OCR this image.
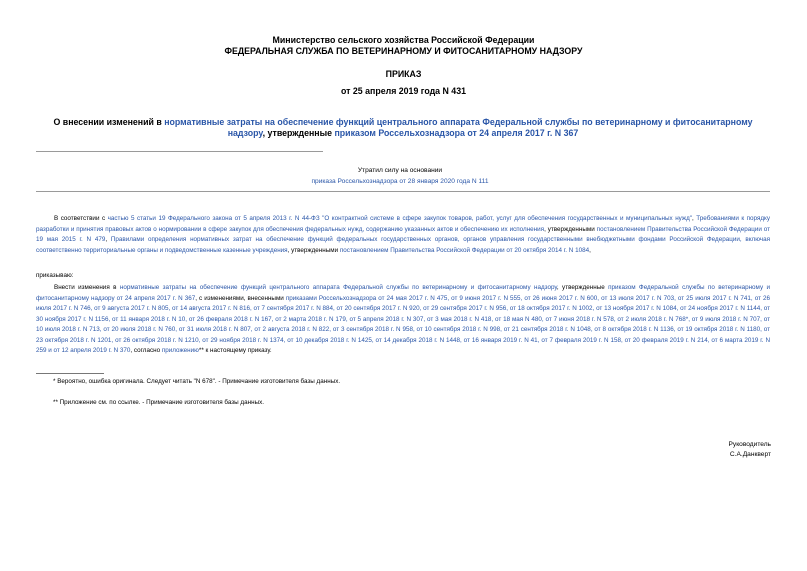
Министерство сельского хозяйства Российской Федерации
ФЕДЕРАЛЬНАЯ СЛУЖБА ПО ВЕТЕРИНАРНОМУ И ФИТОСАНИТАРНОМУ НАДЗОРУ
ПРИКАЗ
от 25 апреля 2019 года N 431
О внесении изменений в нормативные затраты на обеспечение функций центрального аппарата Федеральной службы по ветеринарному и фитосанитарному надзору, утвержденные приказом Россельхознадзора от 24 апреля 2017 г. N 367
Утратил силу на основании
приказа Россельхознадзора от 28 января 2020 года N 111
В соответствии с частью 5 статьи 19 Федерального закона от 5 апреля 2013 г. N 44-ФЗ "О контрактной системе в сфере закупок товаров, работ, услуг для обеспечения государственных и муниципальных нужд", Требованиями к порядку разработки и принятия правовых актов о нормировании в сфере закупок для обеспечения федеральных нужд, содержанию указанных актов и обеспечению их исполнения, утвержденными постановлением Правительства Российской Федерации от 19 мая 2015 г. N 479, Правилами определения нормативных затрат на обеспечение функций федеральных государственных органов, органов управления государственными внебюджетными фондами Российской Федерации, включая соответственно территориальные органы и подведомственные казенные учреждения, утвержденными постановлением Правительства Российской Федерации от 20 октября 2014 г. N 1084,
приказываю:
Внести изменения в нормативные затраты на обеспечение функций центрального аппарата Федеральной службы по ветеринарному и фитосанитарному надзору, утвержденные приказом Федеральной службы по ветеринарному и фитосанитарному надзору от 24 апреля 2017 г. N 367, с изменениями, внесенными приказами Россельхознадзора от 24 мая 2017 г. N 475, от 9 июня 2017 г. N 555, от 26 июня 2017 г. N 600, от 13 июля 2017 г. N 703, от 25 июля 2017 г. N 741, от 26 июля 2017 г. N 746, от 9 августа 2017 г. N 805, от 14 августа 2017 г. N 816, от 7 сентября 2017 г. N 884, от 20 сентября 2017 г. N 920, от 29 сентября 2017 г. N 956, от 18 октября 2017 г. N 1002, от 13 ноября 2017 г. N 1084, от 24 ноября 2017 г. N 1144, от 30 ноября 2017 г. N 1156, от 11 января 2018 г. N 10, от 26 февраля 2018 г. N 167, от 2 марта 2018 г. N 179, от 5 апреля 2018 г. N 307, от 3 мая 2018 г. N 418, от 18 мая N 480, от 7 июня 2018 г. N 578, от 2 июля 2018 г. N 768*, от 9 июля 2018 г. N 707, от 10 июля 2018 г. N 713, от 20 июля 2018 г. N 760, от 31 июля 2018 г. N 807, от 2 августа 2018 г. N 822, от 3 сентября 2018 г. N 958, от 10 сентября 2018 г. N 998, от 21 сентября 2018 г. N 1048, от 8 октября 2018 г. N 1136, от 19 октября 2018 г. N 1180, от 23 октября 2018 г. N 1201, от 26 октября 2018 г. N 1210, от 29 ноября 2018 г. N 1374, от 10 декабря 2018 г. N 1425, от 14 декабря 2018 г. N 1448, от 16 января 2019 г. N 41, от 7 февраля 2019 г. N 158, от 20 февраля 2019 г. N 214, от 6 марта 2019 г. N 259 и от 12 апреля 2019 г. N 370, согласно приложению** к настоящему приказу.
* Вероятно, ошибка оригинала. Следует читать "N 678". - Примечание изготовителя базы данных.
** Приложение см. по ссылке. - Примечание изготовителя базы данных.
Руководитель
С.А.Данкверт
